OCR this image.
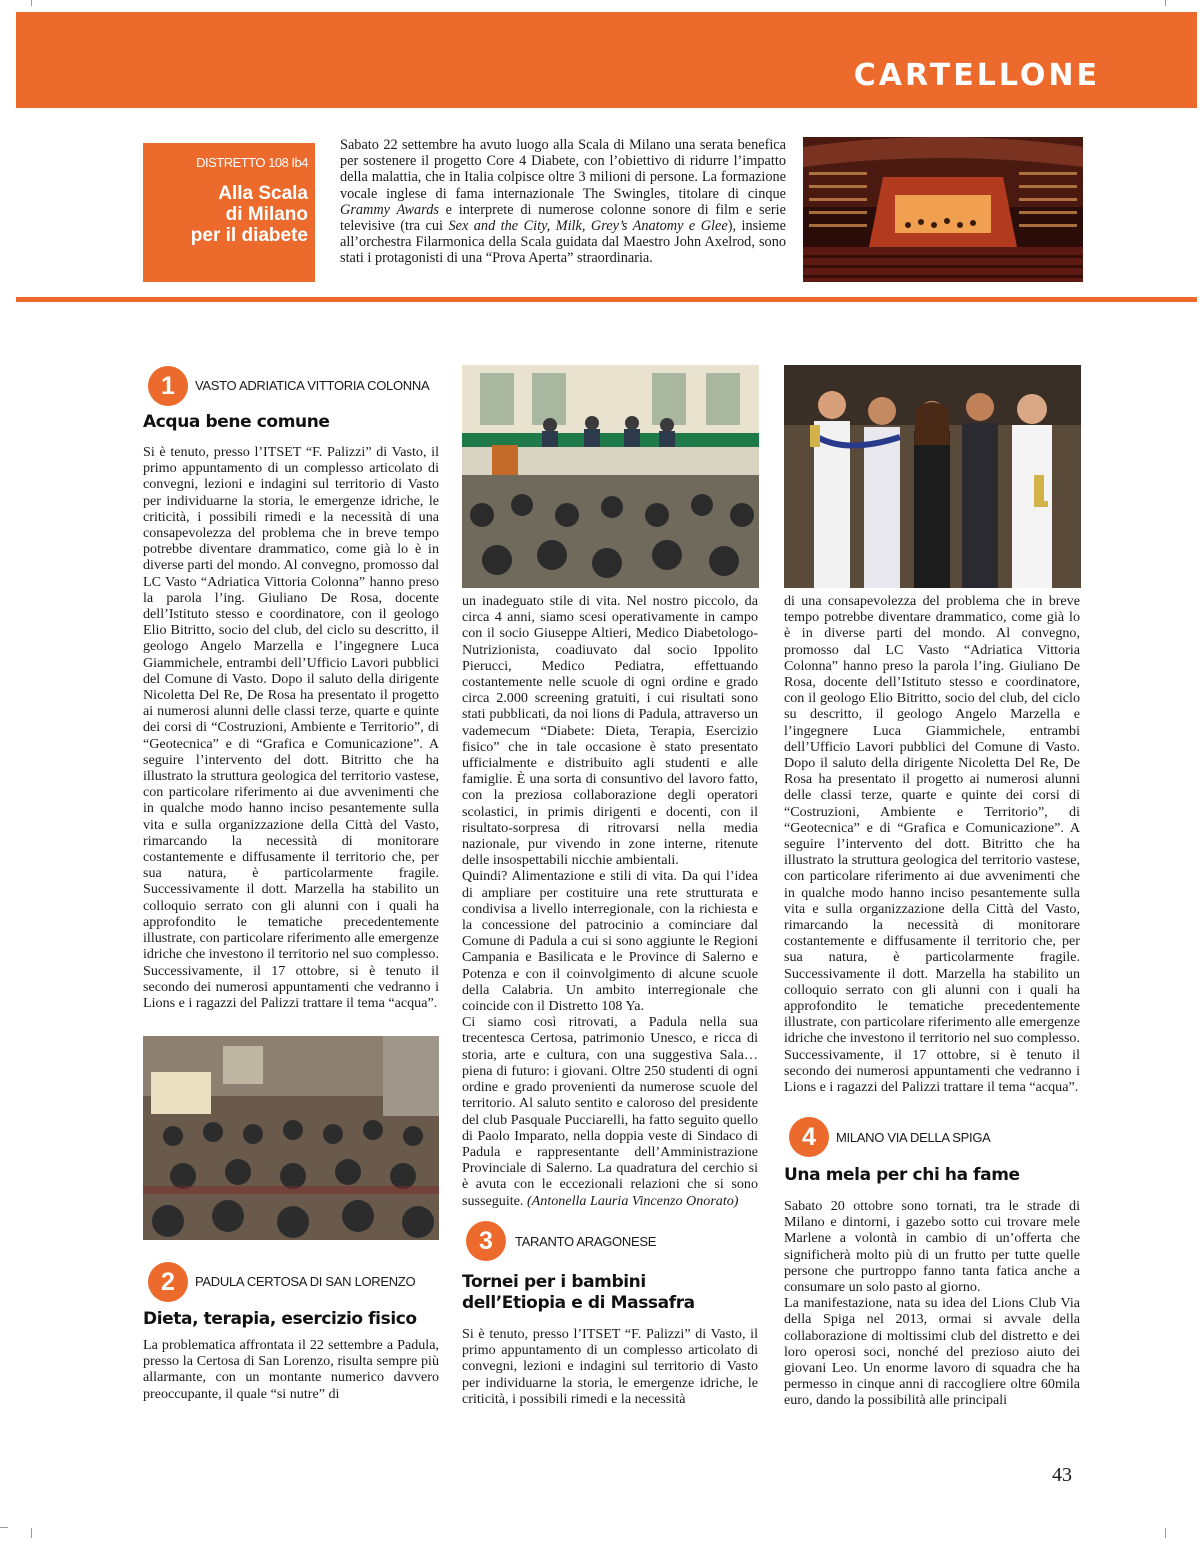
CARTELLONE
DISTRETTO 108 Ib4
Alla Scala
di Milano
per il diabete
Sabato 22 settembre ha avuto luogo alla Scala di Milano una serata benefica per sostenere il progetto Core 4 Diabete, con l’obiettivo di ridurre l’impatto della malattia, che in Italia colpisce oltre 3 milioni di persone. La formazione vocale inglese di fama internazionale The Swingles, titolare di cinque Grammy Awards e interprete di numerose colonne sonore di film e serie televisive (tra cui Sex and the City, Milk, Grey’s Anatomy e Glee), insieme all’orchestra Filarmonica della Scala guidata dal Maestro John Axelrod, sono stati i protagonisti di una “Prova Aperta” straordinaria.
1	VASTO ADRIATICA VITTORIA COLONNA
Acqua bene comune
Si è tenuto, presso l’ITSET “F. Palizzi” di Vasto, il primo appuntamento di un complesso articolato di convegni, lezioni e indagini sul territorio di Vasto per individuarne la storia, le emergenze idriche, le criticità, i possibili rimedi e la necessità di una consapevolezza del problema che in breve tempo potrebbe diventare drammatico, come già lo è in diverse parti del mondo. Al convegno, promosso dal LC Vasto “Adriatica Vittoria Colonna” hanno preso la parola l’ing. Giuliano De Rosa, docente dell’Istituto stesso e coordinatore, con il geologo Elio Bitritto, socio del club, del ciclo su descritto, il geologo Angelo Marzella e l’ingegnere Luca Giammichele, entrambi dell’Ufficio Lavori pubblici del Comune di Vasto. Dopo il saluto della dirigente Nicoletta Del Re, De Rosa ha presentato il progetto ai numerosi alunni delle classi terze, quarte e quinte dei corsi di “Costruzioni, Ambiente e Territorio”, di “Geotecnica” e di “Grafica e Comunicazione”. A seguire l’intervento del dott. Bitritto che ha illustrato la struttura geologica del territorio vastese, con particolare riferimento ai due avvenimenti che in qualche modo hanno inciso pesantemente sulla vita e sulla organizzazione della Città del Vasto, rimarcando la necessità di monitorare costantemente e diffusamente il territorio che, per sua natura, è particolarmente fragile. Successivamente il dott. Marzella ha stabilito un colloquio serrato con gli alunni con i quali ha approfondito le tematiche precedentemente illustrate, con particolare riferimento alle emergenze idriche che investono il territorio nel suo complesso. Successivamente, il 17 ottobre, si è tenuto il secondo dei numerosi appuntamenti che vedranno i Lions e i ragazzi del Palizzi trattare il tema “acqua”.
2	PADULA CERTOSA DI SAN LORENZO
Dieta, terapia, esercizio fisico
La problematica affrontata il 22 settembre a Padula, presso la Certosa di San Lorenzo, risulta sempre più allarmante, con un montante numerico davvero preoccupante, il quale “si nutre” di

un inadeguato stile di vita. Nel nostro piccolo, da circa 4 anni, siamo scesi operativamente in campo con il socio Giuseppe Altieri, Medico Diabetologo-Nutrizionista, coadiuvato dal socio Ippolito Pierucci, Medico Pediatra, effettuando costantemente nelle scuole di ogni ordine e grado circa 2.000 screening gratuiti, i cui risultati sono stati pubblicati, da noi lions di Padula, attraverso un vademecum “Diabete: Dieta, Terapia, Esercizio fisico” che in tale occasione è stato presentato ufficialmente e distribuito agli studenti e alle famiglie. È una sorta di consuntivo del lavoro fatto, con la preziosa collaborazione degli operatori scolastici, in primis dirigenti e docenti, con il risultato-sorpresa di ritrovarsi nella media nazionale, pur vivendo in zone interne, ritenute delle insospettabili nicchie ambientali.

Quindi? Alimentazione e stili di vita. Da qui l’idea di ampliare per costituire una rete strutturata e condivisa a livello interregionale, con la richiesta e la concessione del patrocinio a cominciare dal Comune di Padula a cui si sono aggiunte le Regioni Campania e Basilicata e le Province di Salerno e Potenza e con il coinvolgimento di alcune scuole della Calabria. Un ambito interregionale che coincide con il Distretto 108 Ya.

Ci siamo così ritrovati, a Padula nella sua trecentesca Certosa, patrimonio Unesco, e ricca di storia, arte e cultura, con una suggestiva Sala… piena di futuro: i giovani. Oltre 250 studenti di ogni ordine e grado provenienti da numerose scuole del territorio. Al saluto sentito e caloroso del presidente del club Pasquale Pucciarelli, ha fatto seguito quello di Paolo Imparato, nella doppia veste di Sindaco di Padula e rappresentante dell’Amministrazione Provinciale di Salerno. La quadratura del cerchio si è avuta con le eccezionali relazioni che si sono susseguite. (Antonella Lauria Vincenzo Onorato)

3	TARANTO ARAGONESE
Tornei per i bambini
dell’Etiopia e di Massafra
Si è tenuto, presso l’ITSET “F. Palizzi” di Vasto, il primo appuntamento di un complesso articolato di convegni, lezioni e indagini sul territorio di Vasto per individuarne la storia, le emergenze idriche, le criticità, i possibili rimedi e la necessità
di una consapevolezza del problema che in breve tempo potrebbe diventare drammatico, come già lo è in diverse parti del mondo. Al convegno, promosso dal LC Vasto “Adriatica Vittoria Colonna” hanno preso la parola l’ing. Giuliano De Rosa, docente dell’Istituto stesso e coordinatore, con il geologo Elio Bitritto, socio del club, del ciclo su descritto, il geologo Angelo Marzella e l’ingegnere Luca Giammichele, entrambi dell’Ufficio Lavori pubblici del Comune di Vasto. Dopo il saluto della dirigente Nicoletta Del Re, De Rosa ha presentato il progetto ai numerosi alunni delle classi terze, quarte e quinte dei corsi di “Costruzioni, Ambiente e Territorio”, di “Geotecnica” e di “Grafica e Comunicazione”. A seguire l’intervento del dott. Bitritto che ha illustrato la struttura geologica del territorio vastese, con particolare riferimento ai due avvenimenti che in qualche modo hanno inciso pesantemente sulla vita e sulla organizzazione della Città del Vasto, rimarcando la necessità di monitorare costantemente e diffusamente il territorio che, per sua natura, è particolarmente fragile. Successivamente il dott. Marzella ha stabilito un colloquio serrato con gli alunni con i quali ha approfondito le tematiche precedentemente illustrate, con particolare riferimento alle emergenze idriche che investono il territorio nel suo complesso. Successivamente, il 17 ottobre, si è tenuto il secondo dei numerosi appuntamenti che vedranno i Lions e i ragazzi del Palizzi trattare il tema “acqua”.
4	MILANO VIA DELLA SPIGA
Una mela per chi ha fame

Sabato 20 ottobre sono tornati, tra le strade di Milano e dintorni, i gazebo sotto cui trovare mele Marlene a volontà in cambio di un’offerta che significherà molto più di un frutto per tutte quelle persone che purtroppo fanno tanta fatica anche a consumare un solo pasto al giorno.

La manifestazione, nata su idea del Lions Club Via della Spiga nel 2013, ormai si avvale della collaborazione di moltissimi club del distretto e dei loro operosi soci, nonché del prezioso aiuto dei giovani Leo. Un enorme lavoro di squadra che ha permesso in cinque anni di raccogliere oltre 60mila euro, dando la possibilità alle principali

43
